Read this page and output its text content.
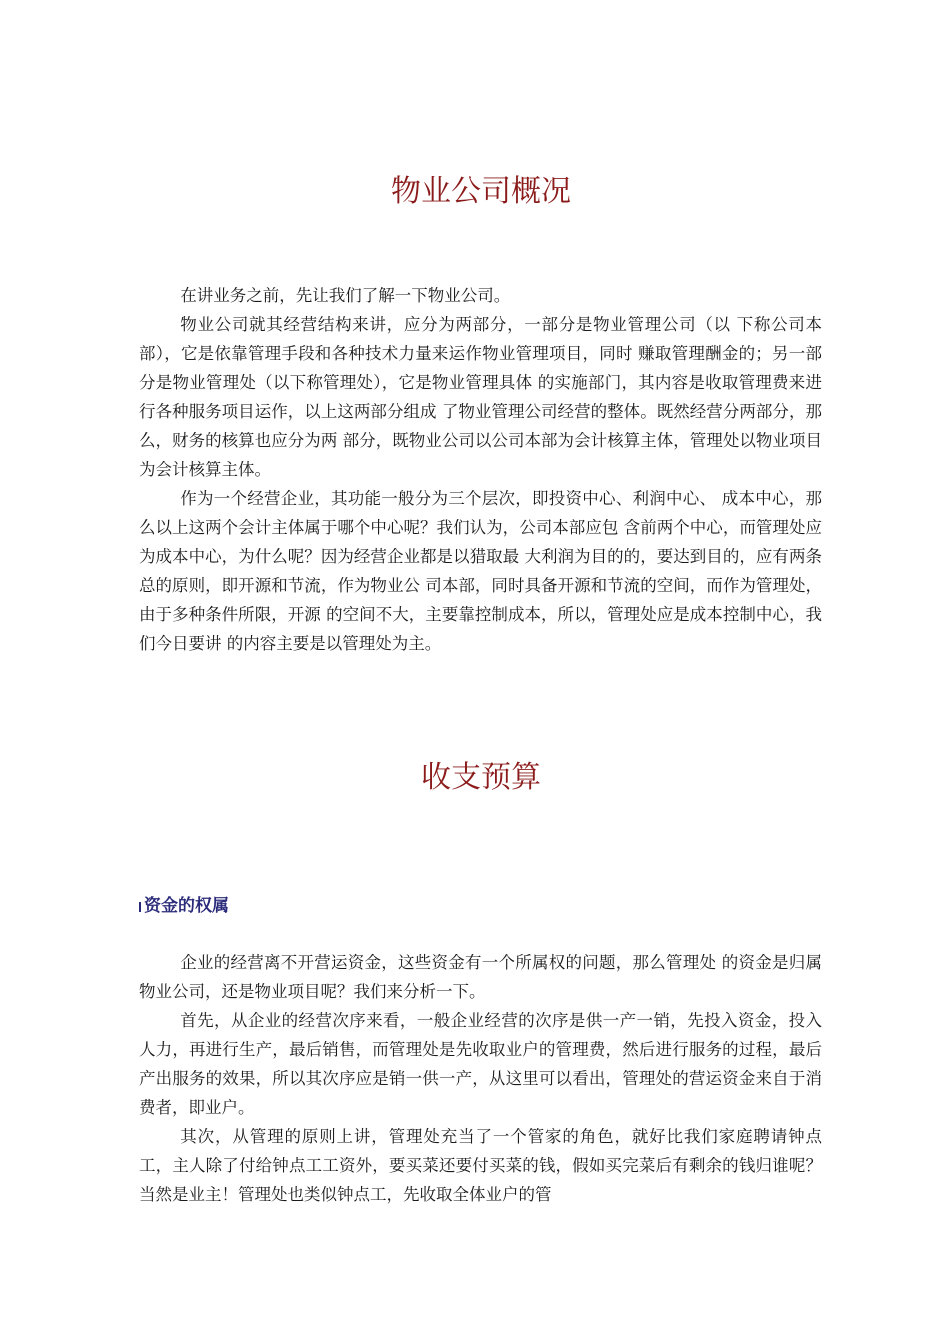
物业公司概况

在讲业务之前，先让我们了解一下物业公司。

物业公司就其经营结构来讲，应分为两部分，一部分是物业管理公司（以 下称公司本部），它是依靠管理手段和各种技术力量来运作物业管理项目，同时 赚取管理酬金的；另一部分是物业管理处（以下称管理处），它是物业管理具体 的实施部门，其内容是收取管理费来进行各种服务项目运作，以上这两部分组成 了物业管理公司经营的整体。既然经营分两部分，那么，财务的核算也应分为两 部分，既物业公司以公司本部为会计核算主体，管理处以物业项目为会计核算主体。

作为一个经营企业，其功能一般分为三个层次，即投资中心、利润中心、 成本中心，那么以上这两个会计主体属于哪个中心呢？我们认为，公司本部应包 含前两个中心，而管理处应为成本中心，为什么呢？因为经营企业都是以猎取最 大利润为目的的，要达到目的，应有两条总的原则，即开源和节流，作为物业公 司本部，同时具备开源和节流的空间，而作为管理处，由于多种条件所限，开源 的空间不大，主要靠控制成本，所以，管理处应是成本控制中心，我们今日要讲 的内容主要是以管理处为主。

收支预算
资金的权属

企业的经营离不开营运资金，这些资金有一个所属权的问题，那么管理处 的资金是归属物业公司，还是物业项目呢？我们来分析一下。

首先，从企业的经营次序来看，一般企业经营的次序是供一产一销，先投入资金，投入人力，再进行生产，最后销售，而管理处是先收取业户的管理费，然后进行服务的过程，最后产出服务的效果，所以其次序应是销一供一产，从这里可以看出，管理处的营运资金来自于消费者，即业户。

其次，从管理的原则上讲，管理处充当了一个管家的角色，就好比我们家庭聘请钟点工，主人除了付给钟点工工资外，要买菜还要付买菜的钱，假如买完菜后有剩余的钱归谁呢？当然是业主！管理处也类似钟点工，先收取全体业户的管
